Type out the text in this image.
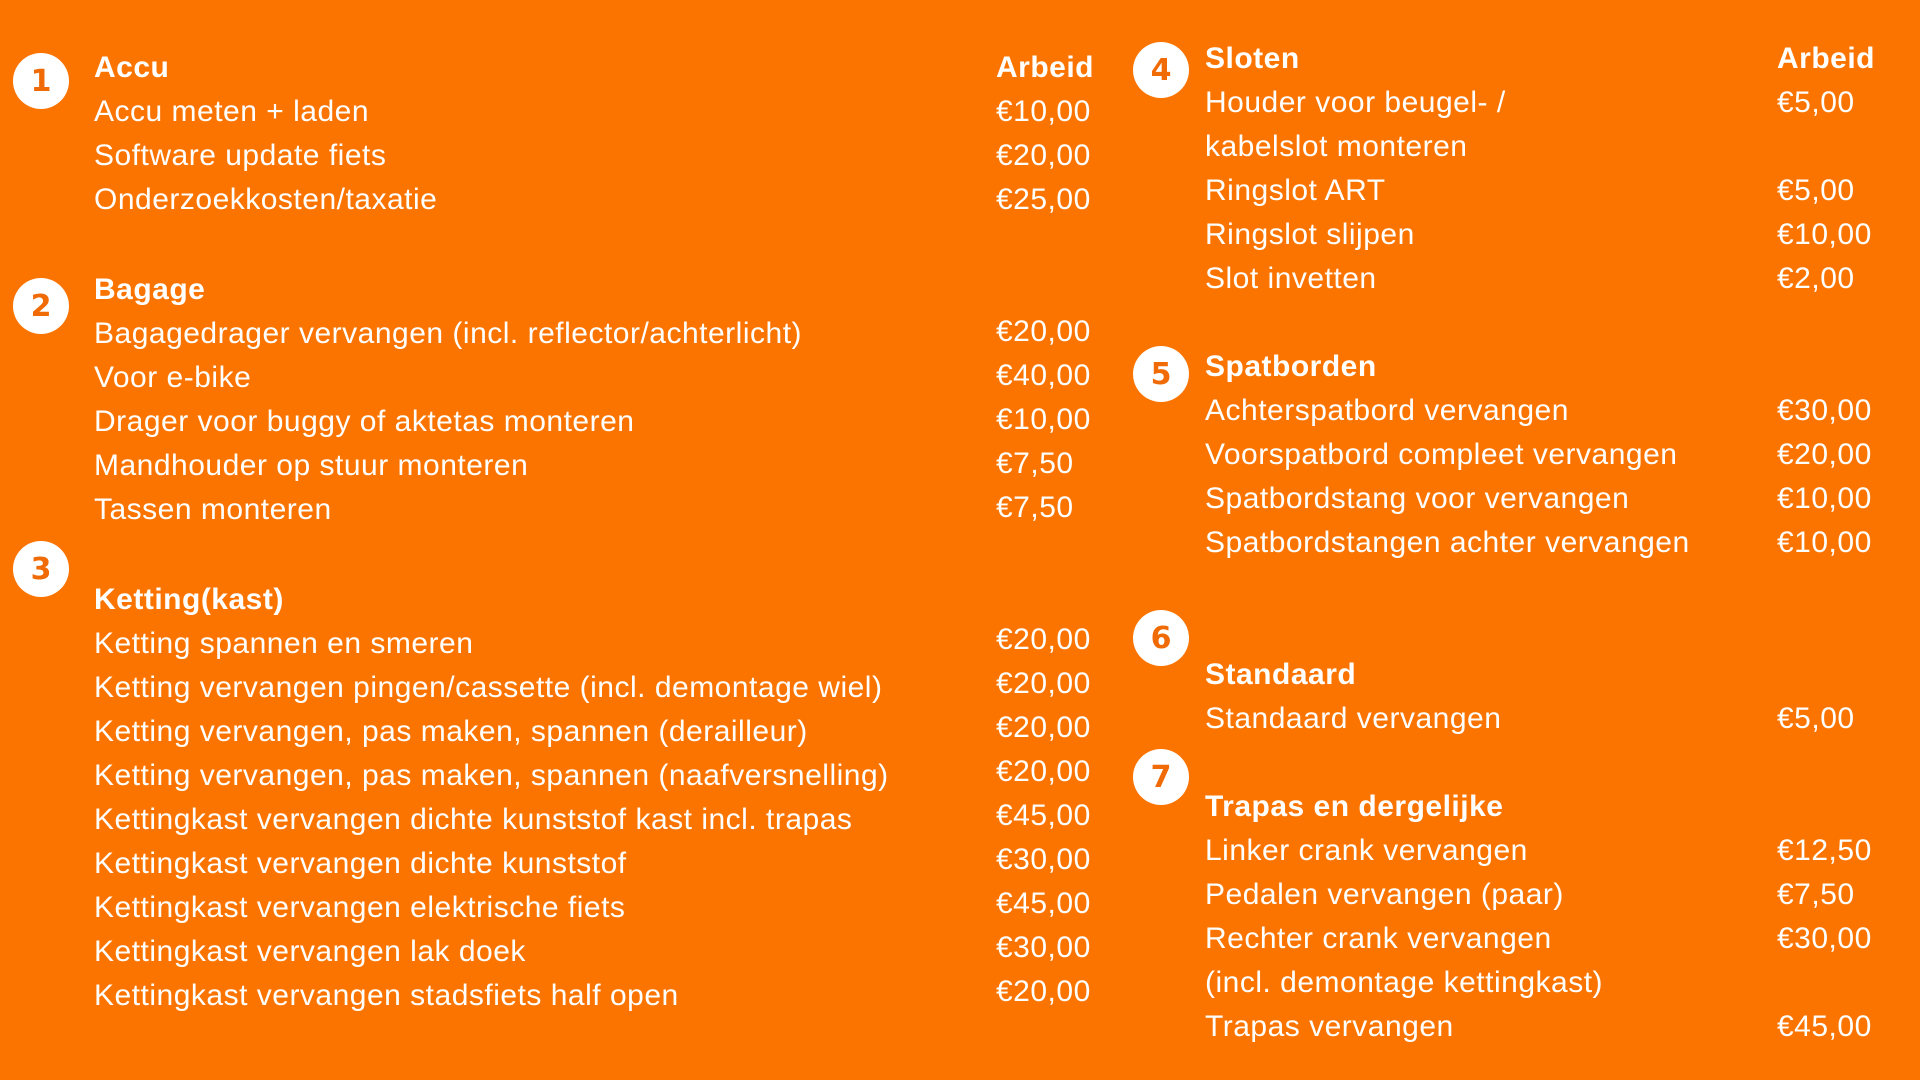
1 Accu	Arbeid
Accu meten + laden	€10,00
Software update fiets	€20,00
Onderzoekkosten/taxatie	€25,00
2 Bagage
Bagagedrager vervangen (incl. reflector/achterlicht)	€20,00
Voor e-bike	€40,00
Drager voor buggy of aktetas monteren	€10,00
Mandhouder op stuur monteren	€7,50
Tassen monteren	€7,50
3
Ketting(kast)
Ketting spannen en smeren	€20,00
Ketting vervangen pingen/cassette (incl. demontage wiel)	€20,00
Ketting vervangen, pas maken, spannen (derailleur)	€20,00
Ketting vervangen, pas maken, spannen (naafversnelling)	€20,00
Kettingkast vervangen dichte kunststof kast incl. trapas	€45,00
Kettingkast vervangen dichte kunststof	€30,00
Kettingkast vervangen elektrische fiets	€45,00
Kettingkast vervangen lak doek	€30,00
Kettingkast vervangen stadsfiets half open	€20,00
4 Sloten	Arbeid
Houder voor beugel- /	€5,00
kabelslot monteren
Ringslot ART	€5,00
Ringslot slijpen	€10,00
Slot invetten	€2,00
5 Spatborden
Achterspatbord vervangen	€30,00
Voorspatbord compleet vervangen	€20,00
Spatbordstang voor vervangen	€10,00
Spatbordstangen achter vervangen	€10,00
6
Standaard
Standaard vervangen	€5,00
7
Trapas en dergelijke
Linker crank vervangen	€12,50
Pedalen vervangen (paar)	€7,50
Rechter crank vervangen	€30,00
(incl. demontage kettingkast)
Trapas vervangen	€45,00
